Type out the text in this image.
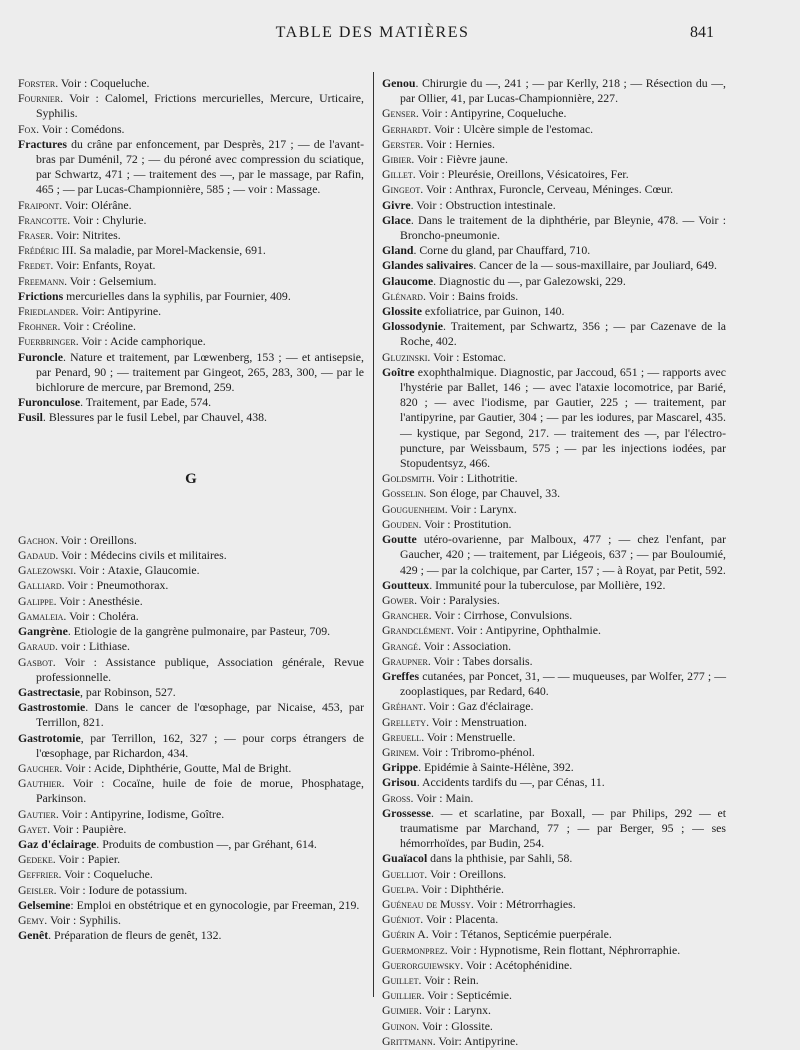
TABLE DES MATIÈRES	841
Forster. Voir : Coqueluche.
Fournier. Voir : Calomel, Frictions mercurielles, Mercure, Urticaire, Syphilis.
Fox. Voir : Comédons.
Fractures du crâne par enfoncement, par Desprès, 217 ; — de l'avant-bras par Duménil, 72 ; — du péroné avec compression du sciatique, par Schwartz, 471 ; — traitement des —, par le massage, par Rafin, 465 ; — par Lucas-Championnière, 585 ; — voir : Massage.
Fraipont. Voir: Olérâne.
Francotte. Voir : Chylurie.
Fraser. Voir: Nitrites.
Frédéric III. Sa maladie, par Morel-Mackensie, 691.
Fredet. Voir: Enfants, Royat.
Freemann. Voir : Gelsemium.
Frictions mercurielles dans la syphilis, par Fournier, 409.
Friedlander. Voir: Antipyrine.
Frohner. Voir : Créoline.
Fuerbringer. Voir : Acide camphorique.
Furoncle. Nature et traitement, par Lœwenberg, 153 ; — et antisepsie, par Penard, 90 ; — traitement par Gingeot, 265, 283, 300, — par le bichlorure de mercure, par Bremond, 259.
Furonculose. Traitement, par Eade, 574.
Fusil. Blessures par le fusil Lebel, par Chauvel, 438.
G
Gachon. Voir : Oreillons.
Gadaud. Voir : Médecins civils et militaires.
Galezowski. Voir : Ataxie, Glaucomie.
Galliard. Voir : Pneumothorax.
Galippe. Voir : Anesthésie.
Gamaleia. Voir : Choléra.
Gangrène. Etiologie de la gangrène pulmonaire, par Pasteur, 709.
Garaud. voir : Lithiase.
Gasbot. Voir : Assistance publique, Association générale, Revue professionnelle.
Gastrectasie, par Robinson, 527.
Gastrostomie. Dans le cancer de l'œsophage, par Nicaise, 453, par Terrillon, 821.
Gastrotomie, par Terrillon, 162, 327 ; — pour corps étrangers de l'œsophage, par Richardon, 434.
Gaucher. Voir : Acide, Diphthérie, Goutte, Mal de Bright.
Gauthier. Voir : Cocaïne, huile de foie de morue, Phosphatage, Parkinson.
Gautier. Voir : Antipyrine, Iodisme, Goître.
Gayet. Voir : Paupière.
Gaz d'éclairage. Produits de combustion —, par Gréhant, 614.
Gedeke. Voir : Papier.
Geffrier. Voir : Coqueluche.
Geisler. Voir : Iodure de potassium.
Gelsemine: Emploi en obstétrique et en gynocologie, par Freeman, 219.
Gemy. Voir : Syphilis.
Genêt. Préparation de fleurs de genêt, 132.
Genou. Chirurgie du —, 241 ; — par Kerlly, 218 ; — Résection du —, par Ollier, 41, par Lucas-Championnière, 227.
Genser. Voir : Antipyrine, Coqueluche.
Gerhardt. Voir : Ulcère simple de l'estomac.
Gerster. Voir : Hernies.
Gibier. Voir : Fièvre jaune.
Gillet. Voir : Pleurésie, Oreillons, Vésicatoires, Fer.
Gingeot. Voir : Anthrax, Furoncle, Cerveau, Méninges. Cœur.
Givre. Voir : Obstruction intestinale.
Glace. Dans le traitement de la diphthérie, par Bleynie, 478. — Voir : Broncho-pneumonie.
Gland. Corne du gland, par Chauffard, 710.
Glandes salivaires. Cancer de la — sous-maxillaire, par Jouliard, 649.
Glaucome. Diagnostic du —, par Galezowski, 229.
Glénard. Voir : Bains froids.
Glossite exfoliatrice, par Guinon, 140.
Glossodynie. Traitement, par Schwartz, 356 ; — par Cazenave de la Roche, 402.
Gluzinski. Voir : Estomac.
Goître exophthalmique. Diagnostic, par Jaccoud, 651 ; — rapports avec l'hystérie par Ballet, 146 ; — avec l'ataxie locomotrice, par Barié, 820 ; — avec l'iodisme, par Gautier, 225 ; — traitement, par l'antipyrine, par Gautier, 304 ; — par les iodures, par Mascarel, 435. — kystique, par Segond, 217. — traitement des —, par l'électro-puncture, par Weissbaum, 575 ; — par les injections iodées, par Stopudentsyz, 466.
Goldsmith. Voir : Lithotritie.
Gosselin. Son éloge, par Chauvel, 33.
Gouguenheim. Voir : Larynx.
Gouden. Voir : Prostitution.
Goutte utéro-ovarienne, par Malboux, 477 ; — chez l'enfant, par Gaucher, 420 ; — traitement, par Liégeois, 637 ; — par Bouloumié, 429 ; — par la colchique, par Carter, 157 ; — à Royat, par Petit, 592.
Goutteux. Immunité pour la tuberculose, par Mollière, 192.
Gower. Voir : Paralysies.
Grancher. Voir : Cirrhose, Convulsions.
Grandclément. Voir : Antipyrine, Ophthalmie.
Grangé. Voir : Association.
Graupner. Voir : Tabes dorsalis.
Greffes cutanées, par Poncet, 31, — — muqueuses, par Wolfer, 277 ; — zooplastiques, par Redard, 640.
Gréhant. Voir : Gaz d'éclairage.
Grellety. Voir : Menstruation.
Greuell. Voir : Menstruelle.
Grinem. Voir : Tribromo-phénol.
Grippe. Epidémie à Sainte-Hélène, 392.
Grisou. Accidents tardifs du —, par Cénas, 11.
Gross. Voir : Main.
Grossesse. — et scarlatine, par Boxall, — par Philips, 292 — et traumatisme par Marchand, 77 ; — par Berger, 95 ; — ses hémorrhoïdes, par Budin, 254.
Guaïacol dans la phthisie, par Sahli, 58.
Guelliot. Voir : Oreillons.
Guelpa. Voir : Diphthérie.
Guéneau de Mussy. Voir : Métrorrhagies.
Guéniot. Voir : Placenta.
Guérin A. Voir : Tétanos, Septicémie puerpérale.
Guermonprez. Voir : Hypnotisme, Rein flottant, Néphrorraphie.
Guerorguiewsky. Voir : Acétophénidine.
Guillet. Voir : Rein.
Guillier. Voir : Septicémie.
Guimier. Voir : Larynx.
Guinon. Voir : Glossite.
Grittmann. Voir: Antipyrine.
